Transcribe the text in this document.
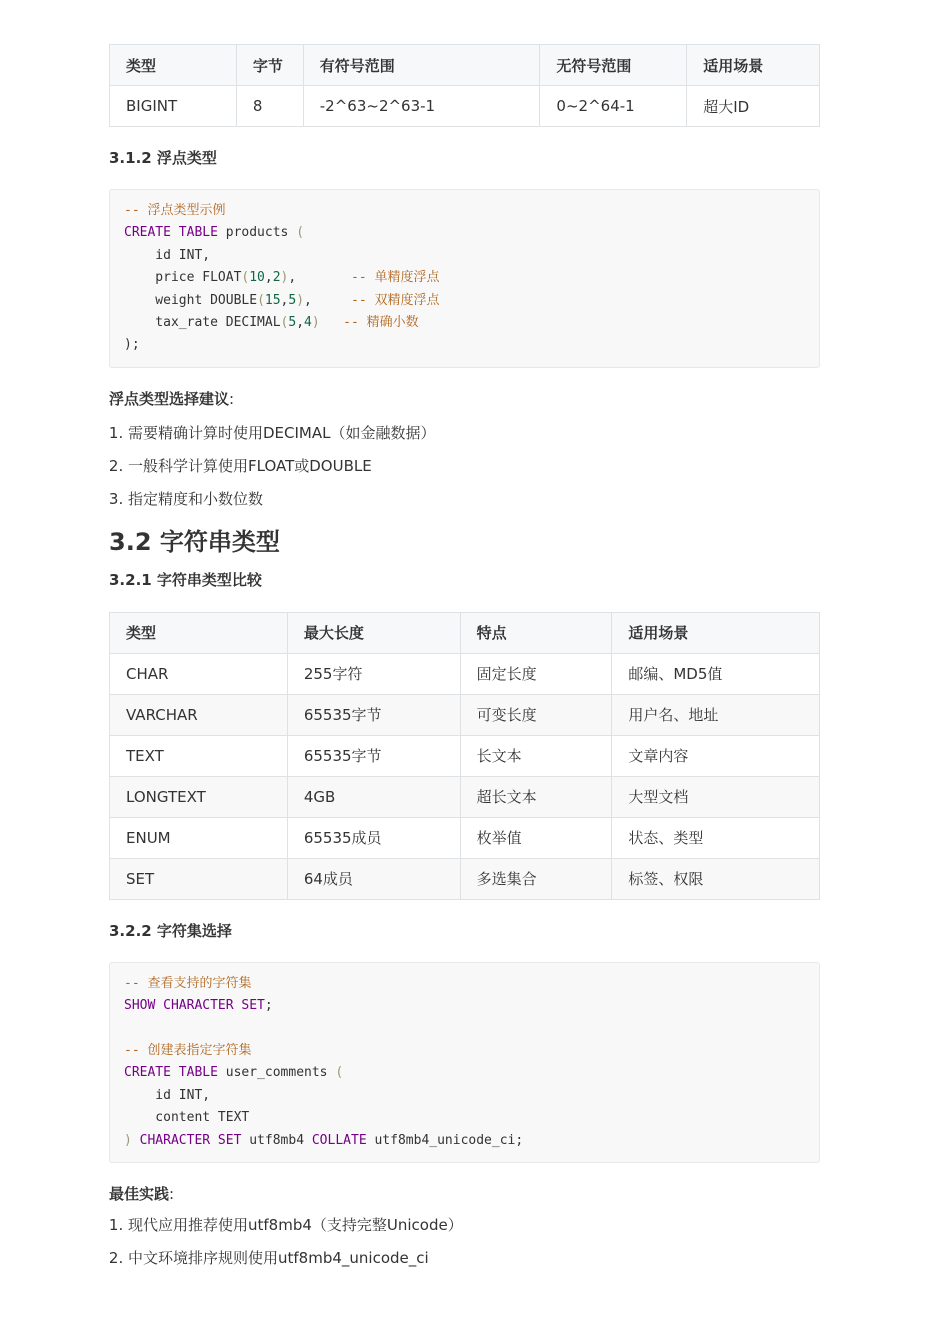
类型	字节	有符号范围	无符号范围	适用场景
BIGINT	8	-2^63~2^63-1	0~2^64-1	超大ID
3.1.2 浮点类型
-- 浮点类型示例
CREATE TABLE products (
id INT,
price FLOAT(10,2),	-- 单精度浮点
weight DOUBLE(15,5),	-- 双精度浮点
tax_rate DECIMAL(5,4) -- 精确小数
);

浮点类型选择建议:

1. 需要精确计算时使用DECIMAL（如金融数据）
2. 一般科学计算使用FLOAT或DOUBLE
3. 指定精度和小数位数
3.2 字符串类型
3.2.1 字符串类型比较
类型	最大长度	特点	适用场景
CHAR	255字符	固定长度	邮编、MD5值
VARCHAR	65535字节	可变长度	用户名、地址
TEXT	65535字节	长文本	文章内容
LONGTEXT	4GB	超长文本	大型文档
ENUM	65535成员	枚举值	状态、类型
SET	64成员	多选集合	标签、权限
3.2.2 字符集选择
-- 查看支持的字符集
SHOW CHARACTER SET;

-- 创建表指定字符集
CREATE TABLE user_comments (
id INT,
content TEXT
) CHARACTER SET utf8mb4 COLLATE utf8mb4_unicode_ci;

最佳实践:

1. 现代应用推荐使用utf8mb4（支持完整Unicode）
2. 中文环境排序规则使用utf8mb4_unicode_ci
